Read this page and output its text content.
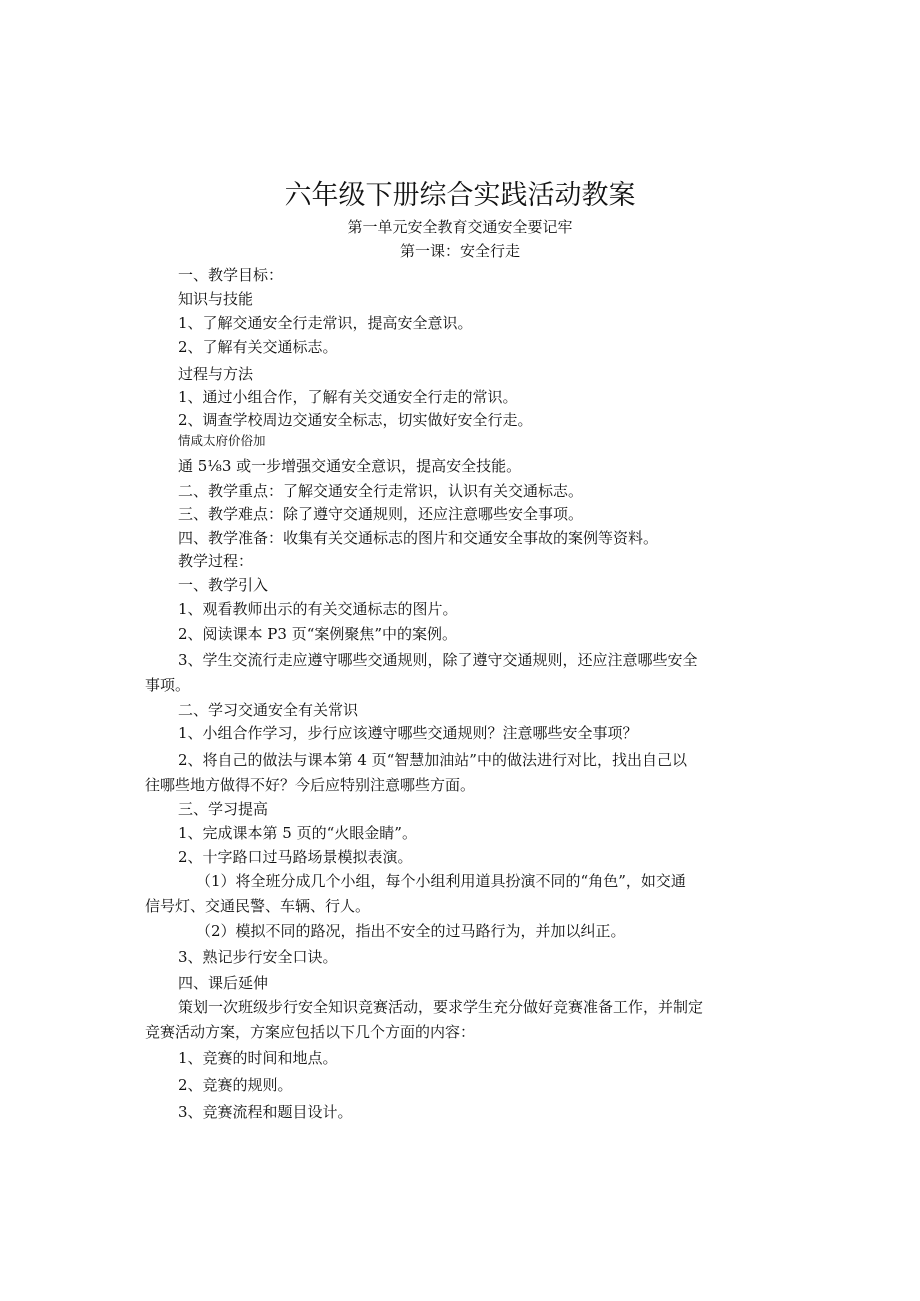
六年级下册综合实践活动教案
第一单元安全教育交通安全要记牢
第一课：安全行走
一、教学目标：
知识与技能
1、了解交通安全行走常识，提高安全意识。
2、了解有关交通标志。
过程与方法
1、通过小组合作，了解有关交通安全行走的常识。
2、调查学校周边交通安全标志，切实做好安全行走。
情咸太府价俗加
通 5⅛3 或一步增强交通安全意识，提高安全技能。
二、教学重点：了解交通安全行走常识，认识有关交通标志。
三、教学难点：除了遵守交通规则，还应注意哪些安全事项。
四、教学准备：收集有关交通标志的图片和交通安全事故的案例等资料。
教学过程：
一、教学引入
1、观看教师出示的有关交通标志的图片。
2、阅读课本 P3 页“案例聚焦”中的案例。
3、学生交流行走应遵守哪些交通规则，除了遵守交通规则，还应注意哪些安全
事项。
二、学习交通安全有关常识
1、小组合作学习，步行应该遵守哪些交通规则？注意哪些安全事项？
2、将自己的做法与课本第 4 页“智慧加油站”中的做法进行对比，找出自己以
往哪些地方做得不好？今后应特别注意哪些方面。
三、学习提高
1、完成课本第 5 页的“火眼金睛”。
2、十字路口过马路场景模拟表演。
（1）将全班分成几个小组，每个小组利用道具扮演不同的“角色”，如交通
信号灯、交通民警、车辆、行人。
（2）模拟不同的路况，指出不安全的过马路行为，并加以纠正。
3、熟记步行安全口诀。
四、课后延伸
策划一次班级步行安全知识竞赛活动，要求学生充分做好竞赛准备工作，并制定
竞赛活动方案，方案应包括以下几个方面的内容：
1、竞赛的时间和地点。
2、竞赛的规则。
3、竞赛流程和题目设计。
